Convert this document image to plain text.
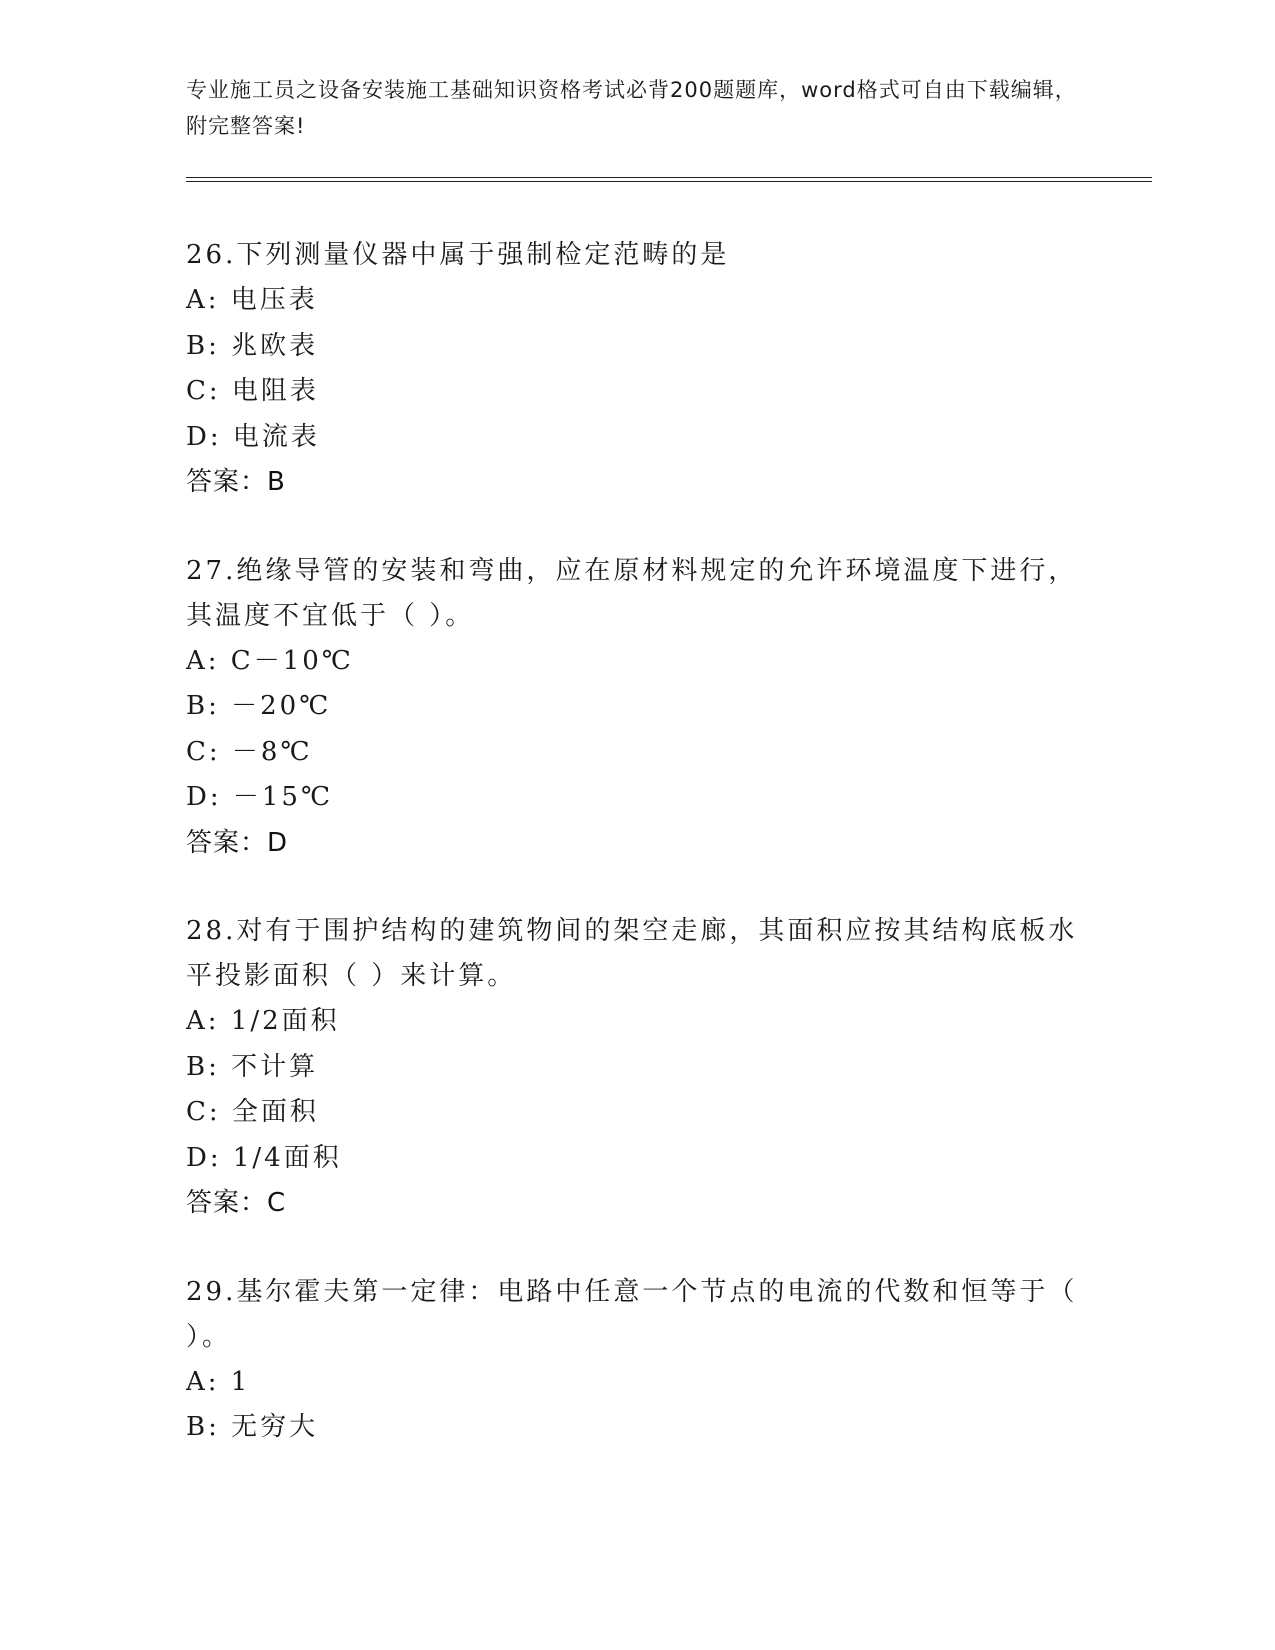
专业施工员之设备安装施工基础知识资格考试必背200题题库，word格式可自由下载编辑，附完整答案!
26.下列测量仪器中属于强制检定范畴的是
A: 电压表
B: 兆欧表
C: 电阻表
D: 电流表
答案：B
27.绝缘导管的安装和弯曲，应在原材料规定的允许环境温度下进行，其温度不宜低于（ ）。
A: C－10℃
B: －20℃
C: －8℃
D: －15℃
答案：D
28.对有于围护结构的建筑物间的架空走廊，其面积应按其结构底板水平投影面积（ ）来计算。
A: 1/2面积
B: 不计算
C: 全面积
D: 1/4面积
答案：C
29.基尔霍夫第一定律：电路中任意一个节点的电流的代数和恒等于（ ）。
A: 1
B: 无穷大
